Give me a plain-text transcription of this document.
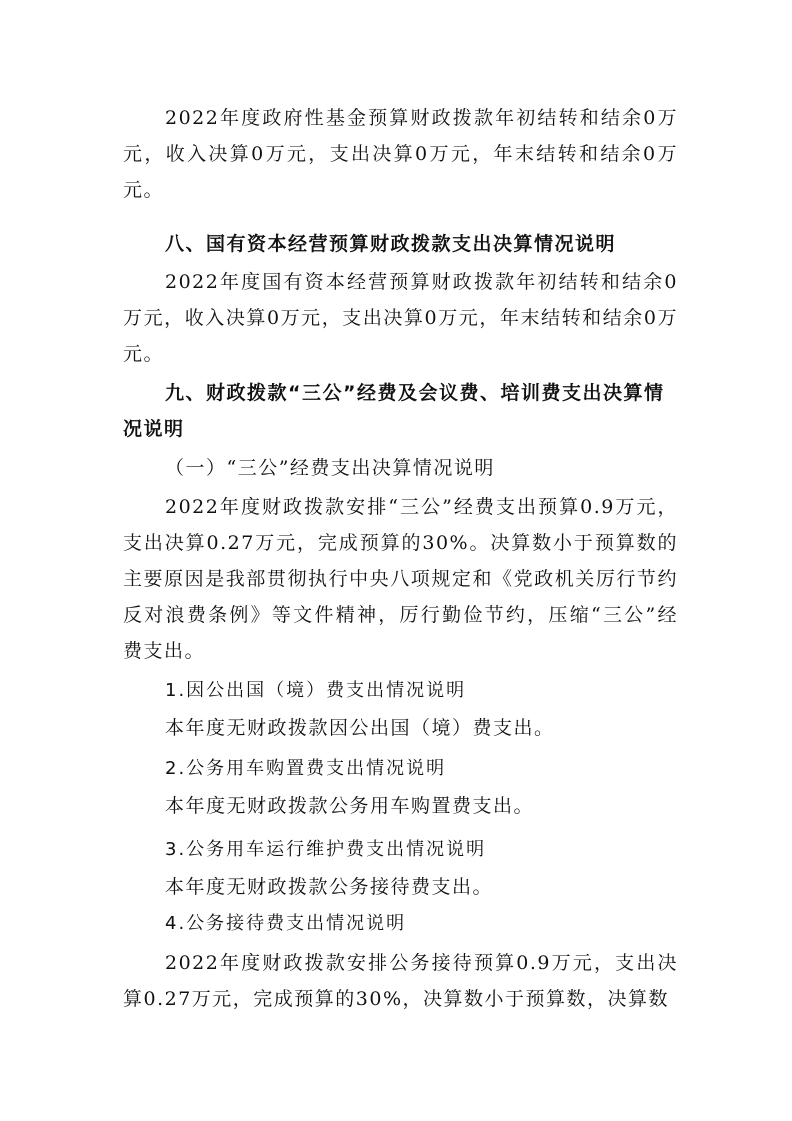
2022年度政府性基金预算财政拨款年初结转和结余0万元，收入决算0万元，支出决算0万元，年末结转和结余0万元。

八、国有资本经营预算财政拨款支出决算情况说明

2022年度国有资本经营预算财政拨款年初结转和结余0万元，收入决算0万元，支出决算0万元，年末结转和结余0万元。

九、财政拨款“三公”经费及会议费、培训费支出决算情况说明

（一）“三公”经费支出决算情况说明

2022年度财政拨款安排“三公”经费支出预算0.9万元，支出决算0.27万元，完成预算的30%。决算数小于预算数的主要原因是我部贯彻执行中央八项规定和《党政机关厉行节约反对浪费条例》等文件精神，厉行勤俭节约，压缩“三公”经费支出。

1.因公出国（境）费支出情况说明

本年度无财政拨款因公出国（境）费支出。

2.公务用车购置费支出情况说明

本年度无财政拨款公务用车购置费支出。

3.公务用车运行维护费支出情况说明

本年度无财政拨款公务接待费支出。

4.公务接待费支出情况说明

2022年度财政拨款安排公务接待预算0.9万元，支出决算0.27万元，完成预算的30%，决算数小于预算数，决算数
